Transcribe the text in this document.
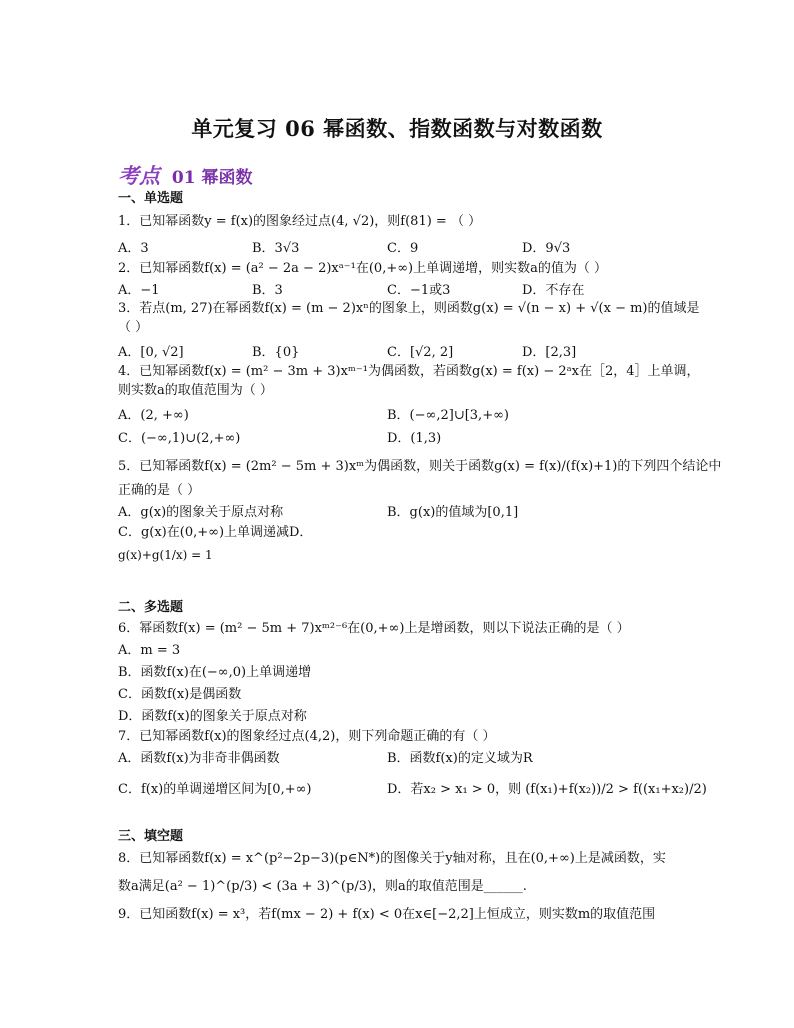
单元复习 06 幂函数、指数函数与对数函数
考点 01 幂函数
一、单选题
1．已知幂函数y = f(x)的图象经过点(4, √2)，则f(81) = （ ）
A．3	B．3√3	C．9	D．9√3
2．已知幂函数f(x) = (a² − 2a − 2)xᵃ⁻¹在(0,+∞)上单调递增，则实数a的值为（ ）
A．−1	B．3	C．−1或3	D．不存在
3．若点(m, 27)在幂函数f(x) = (m − 2)xⁿ的图象上，则函数g(x) = √(n − x) + √(x − m)的值域是
（ ）
A．[0, √2]	B．{0}	C．[√2, 2]	D．[2,3]
4．已知幂函数f(x) = (m² − 3m + 3)xᵐ⁻¹为偶函数，若函数g(x) = f(x) − 2ᵃx在［2，4］上单调，
则实数a的取值范围为（ ）
A．(2, +∞)	B．(−∞,2]∪[3,+∞)
C．(−∞,1)∪(2,+∞)	D．(1,3)
5．已知幂函数f(x) = (2m² − 5m + 3)xᵐ为偶函数，则关于函数g(x) = f(x)/(f(x)+1)的下列四个结论中
正确的是（ ）
A．g(x)的图象关于原点对称	B．g(x)的值域为[0,1]
C．g(x)在(0,+∞)上单调递减D．
g(x)+g(1/x) = 1
二、多选题
6．幂函数f(x) = (m² − 5m + 7)xᵐ²⁻⁶在(0,+∞)上是增函数，则以下说法正确的是（ ）
A．m = 3
B．函数f(x)在(−∞,0)上单调递增
C．函数f(x)是偶函数
D．函数f(x)的图象关于原点对称
7．已知幂函数f(x)的图象经过点(4,2)，则下列命题正确的有（ ）
A．函数f(x)为非奇非偶函数	B．函数f(x)的定义域为R
C．f(x)的单调递增区间为[0,+∞)	D．若x₂ > x₁ > 0，则 (f(x₁)+f(x₂))/2 > f((x₁+x₂)/2)
三、填空题
8．已知幂函数f(x) = x^(p²−2p−3)(p∈N*)的图像关于y轴对称，且在(0,+∞)上是减函数，实
数a满足(a² − 1)^(p/3) < (3a + 3)^(p/3)，则a的取值范围是______.
9．已知函数f(x) = x³，若f(mx − 2) + f(x) < 0在x∈[−2,2]上恒成立，则实数m的取值范围
